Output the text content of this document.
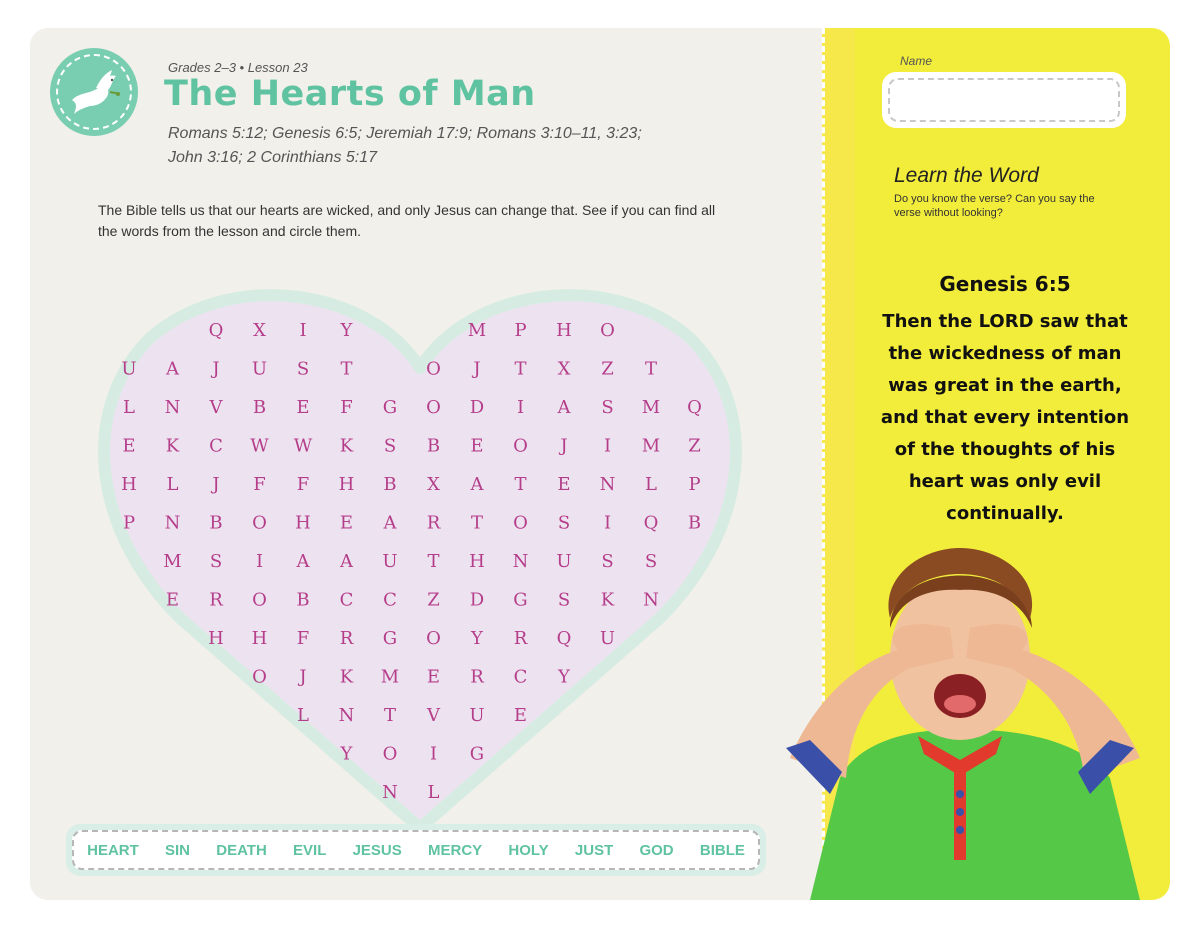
Grades 2–3 • Lesson 23
The Hearts of Man
Romans 5:12; Genesis 6:5; Jeremiah 17:9; Romans 3:10–11, 3:23;
John 3:16; 2 Corinthians 5:17
The Bible tells us that our hearts are wicked, and only Jesus can change that. See if you can find all
the words from the lesson and circle them.
Q X I Y	M P H O
U A J U S T	O J T X Z T
L N V B E F G O D I A S M Q
E K C W W K S B E O J I M Z
H L J F F H B X A T E N L P
P N B O H E A R T O S I Q B
M S I A A U T H N U S S
E R O B C C Z D G S K N
H H F R G O Y R Q U
O J K M E R C Y
L N T V U E
Y O I G
N L
HEART SIN DEATH EVIL JESUS MERCY HOLY JUST GOD BIBLE
Name
Learn the Word
Do you know the verse? Can you say the verse without looking?
Genesis 6:5
Then the LORD saw that
the wickedness of man
was great in the earth,
and that every intention
of the thoughts of his
heart was only evil
continually.
